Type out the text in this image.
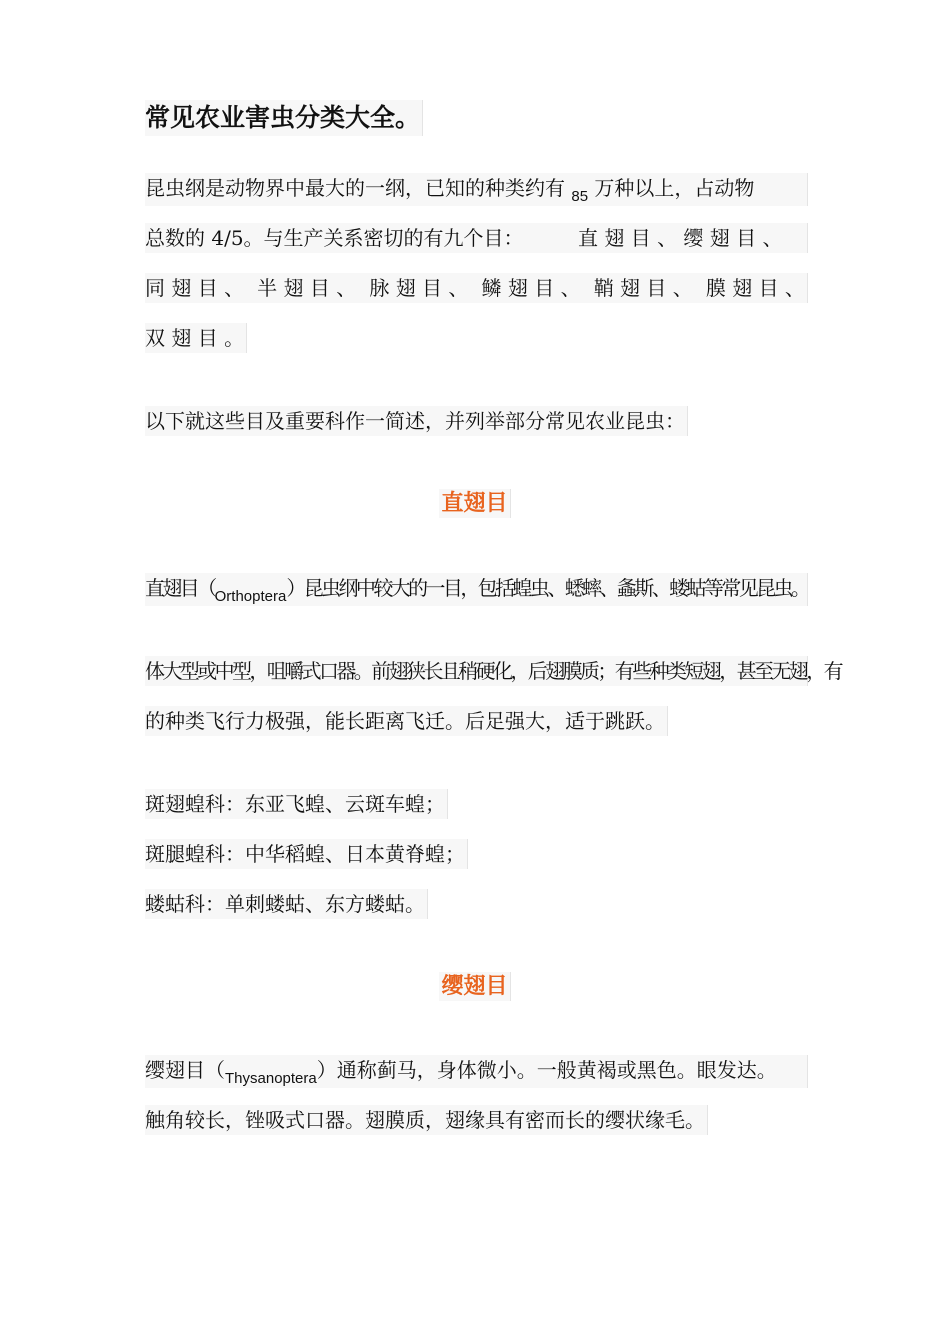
常见农业害虫分类大全。
昆虫纲是动物界中最大的一纲，已知的种类约有 $_{85}$ 万种以上，占动物
总数的 4/5。与生产关系密切的有九个目：	直 翅 目 、 缨 翅 目 、
同 翅 目 、 半 翅 目 、 脉 翅 目 、 鳞 翅 目 、 鞘 翅 目 、 膜 翅 目 、
双 翅 目 。
以下就这些目及重要科作一简述，并列举部分常见农业昆虫：
直翅目
直翅目$(_{Orthoptera})$昆虫纲中较大的一目，包括蝗虫、蟋蟀、螽斯、蝼蛄等常见昆虫。
体大型或中型，咀嚼式口器。前翅狭长且稍硬化，后翅膜质；有些种类短翅，甚至无翅，有
的种类飞行力极强，能长距离飞迁。后足强大，适于跳跃。
斑翅蝗科：东亚飞蝗、云斑车蝗；
斑腿蝗科：中华稻蝗、日本黄脊蝗；
蝼蛄科：单刺蝼蛄、东方蝼蛄。
缨翅目
缨翅目$(_{Thysanoptera})$通称蓟马，身体微小。一般黄褐或黑色。眼发达。
触角较长，锉吸式口器。翅膜质，翅缘具有密而长的缨状缘毛。
